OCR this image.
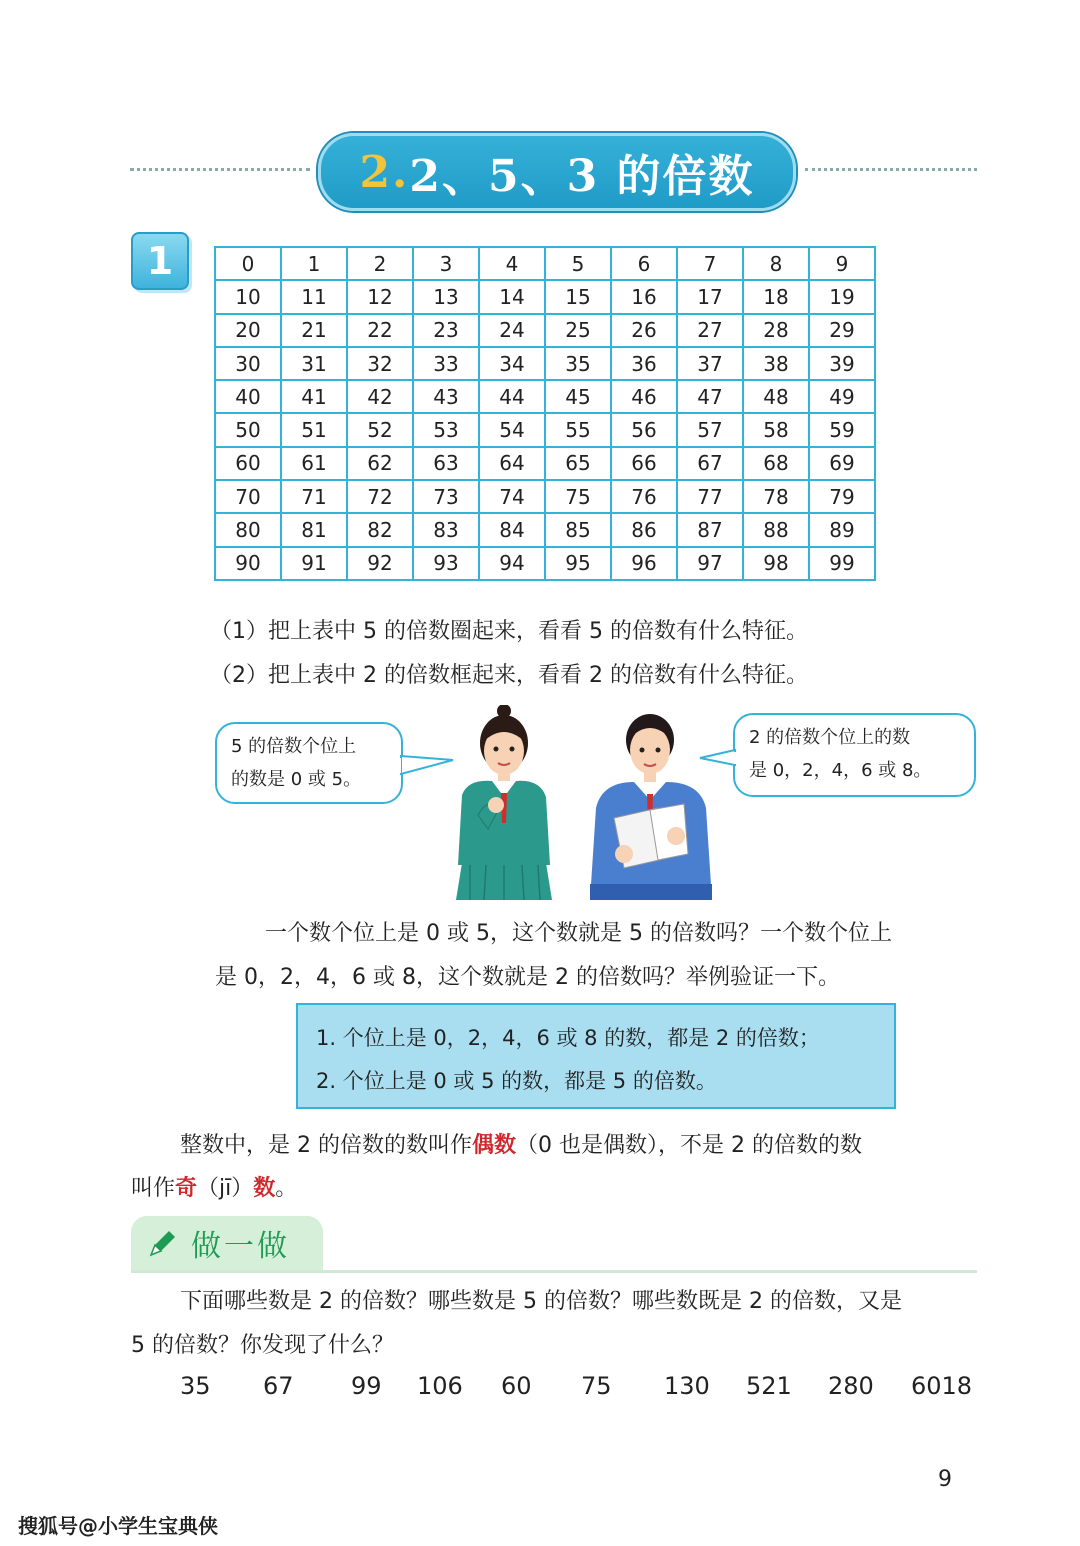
2. 2、5、3 的倍数
1	0	1	2	3	4	5	6	7	8	9
10	11	12	13	14	15	16	17	18	19
20	21	22	23	24	25	26	27	28	29
30	31	32	33	34	35	36	37	38	39
40	41	42	43	44	45	46	47	48	49
50	51	52	53	54	55	56	57	58	59
60	61	62	63	64	65	66	67	68	69
70	71	72	73	74	75	76	77	78	79
80	81	82	83	84	85	86	87	88	89
90	91	92	93	94	95	96	97	98	99
（1）把上表中 5 的倍数圈起来，看看 5 的倍数有什么特征。
（2）把上表中 2 的倍数框起来，看看 2 的倍数有什么特征。
5 的倍数个位上
的数是 0 或 5。
2 的倍数个位上的数
是 0，2，4，6 或 8。
一个数个位上是 0 或 5，这个数就是 5 的倍数吗？一个数个位上
是 0，2，4，6 或 8，这个数就是 2 的倍数吗？举例验证一下。
1. 个位上是 0，2，4，6 或 8 的数，都是 2 的倍数；
2. 个位上是 0 或 5 的数，都是 5 的倍数。
整数中，是 2 的倍数的数叫作偶数（0 也是偶数），不是 2 的倍数的数
叫作奇（jī）数。
做一做
下面哪些数是 2 的倍数？哪些数是 5 的倍数？哪些数既是 2 的倍数，又是
5 的倍数？你发现了什么？
35 67 99 106 60 75 130 521 280 6018
9
搜狐号@小学生宝典侠
